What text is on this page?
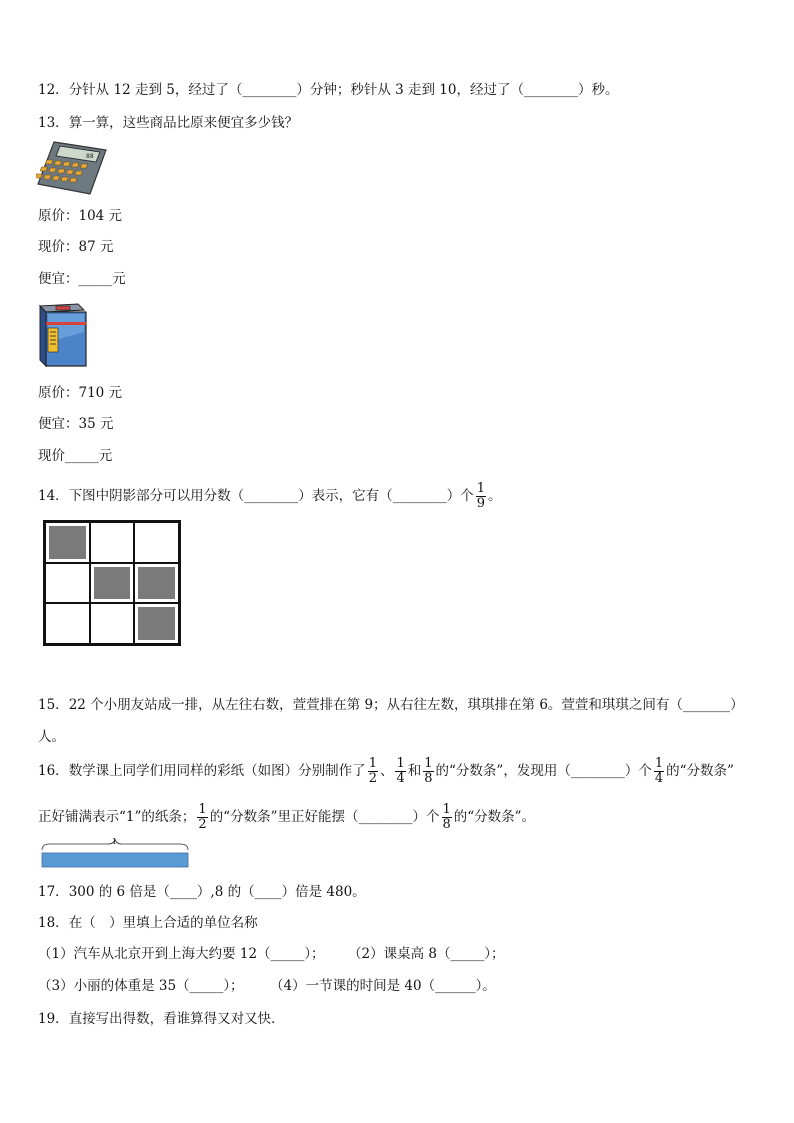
12．分针从 12 走到 5，经过了（________）分钟；秒针从 3 走到 10，经过了（________）秒。
13．算一算，这些商品比原来便宜多少钱？
88
原价：104 元
现价：87 元
便宜：_____元
原价：710 元
便宜：35 元
现价_____元
14．下图中阴影部分可以用分数（________）表示，它有（________）个 $\frac{1}{9}$ 。
15．22 个小朋友站成一排，从左往右数，萱萱排在第 9；从右往左数，琪琪排在第 6。萱萱和琪琪之间有（_______）
人。
16．数学课上同学们用同样的彩纸（如图）分别制作了 $\frac{1}{2}$ 、 $\frac{1}{4}$ 和 $\frac{1}{8}$ 的“分数条”，发现用（________）个 $\frac{1}{4}$ 的“分数条”
正好铺满表示“1”的纸条； $\frac{1}{2}$ 的“分数条”里正好能摆（________）个 $\frac{1}{8}$ 的“分数条”。
1
17．300 的 6 倍是（____）,8 的（____）倍是 480。
18．在（　）里填上合适的单位名称
（1）汽车从北京开到上海大约要 12（_____）； （2）课桌高 8（_____）；
（3）小丽的体重是 35（_____）； （4）一节课的时间是 40（______）。
19．直接写出得数，看谁算得又对又快．
